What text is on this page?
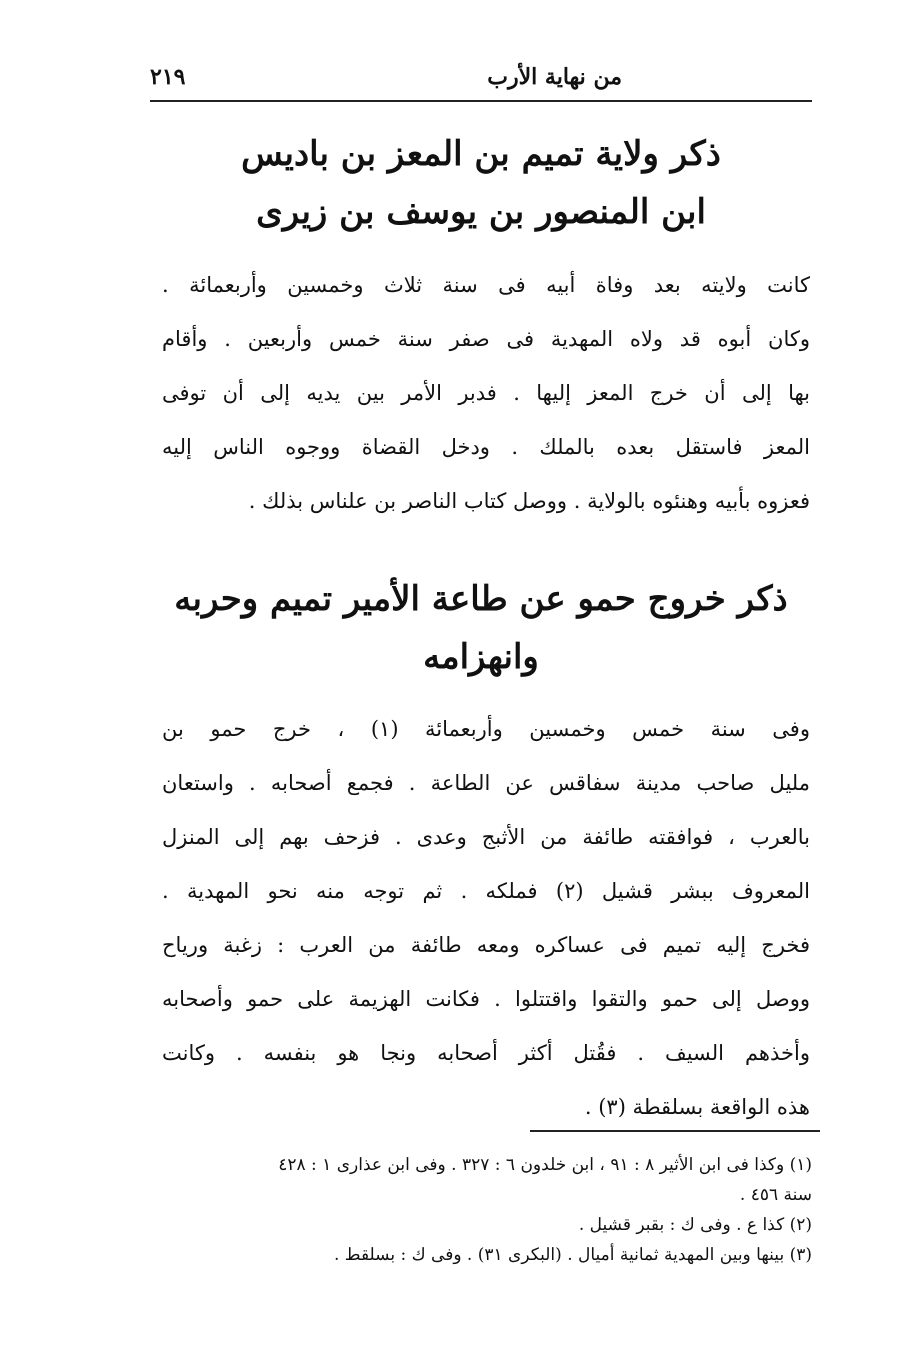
من نهاية الأرب
٢١٩
ذكر ولاية تميم بن المعز بن باديس
ابن المنصور بن يوسف بن زيرى
كانت ولايته بعد وفاة أبيه فى سنة ثلاث وخمسين وأربعمائة .
وكان أبوه قد ولاه المهدية فى صفر سنة خمس وأربعين . وأقام
بها إلى أن خرج المعز إليها . فدبر الأمر بين يديه إلى أن توفى
المعز فاستقل بعده بالملك . ودخل القضاة ووجوه الناس إليه
فعزوه بأبيه وهنئوه بالولاية . ووصل كتاب الناصر بن علناس بذلك .
ذكر خروج حمو عن طاعة الأمير تميم وحربه
وانهزامه
وفى سنة خمس وخمسين وأربعمائة (١) ، خرج حمو بن
مليل صاحب مدينة سفاقس عن الطاعة . فجمع أصحابه . واستعان
بالعرب ، فوافقته طائفة من الأثبج وعدى . فزحف بهم إلى المنزل
المعروف ببشر قشيل (٢) فملكه . ثم توجه منه نحو المهدية .
فخرج إليه تميم فى عساكره ومعه طائفة من العرب : زغبة ورياح
ووصل إلى حمو والتقوا واقتتلوا . فكانت الهزيمة على حمو وأصحابه
وأخذهم السيف . فقُتل أكثر أصحابه ونجا هو بنفسه . وكانت
هذه الواقعة بسلقطة (٣) .
(١) وكذا فى ابن الأثير ٨ : ٩١ ، ابن خلدون ٦ : ٣٢٧ . وفى ابن عذارى ١ : ٤٢٨
سنة ٤٥٦ .
(٢) كذا ع . وفى ك : بقبر قشيل .
(٣) بينها وبين المهدية ثمانية أميال . (البكرى ٣١) . وفى ك : بسلقط .
